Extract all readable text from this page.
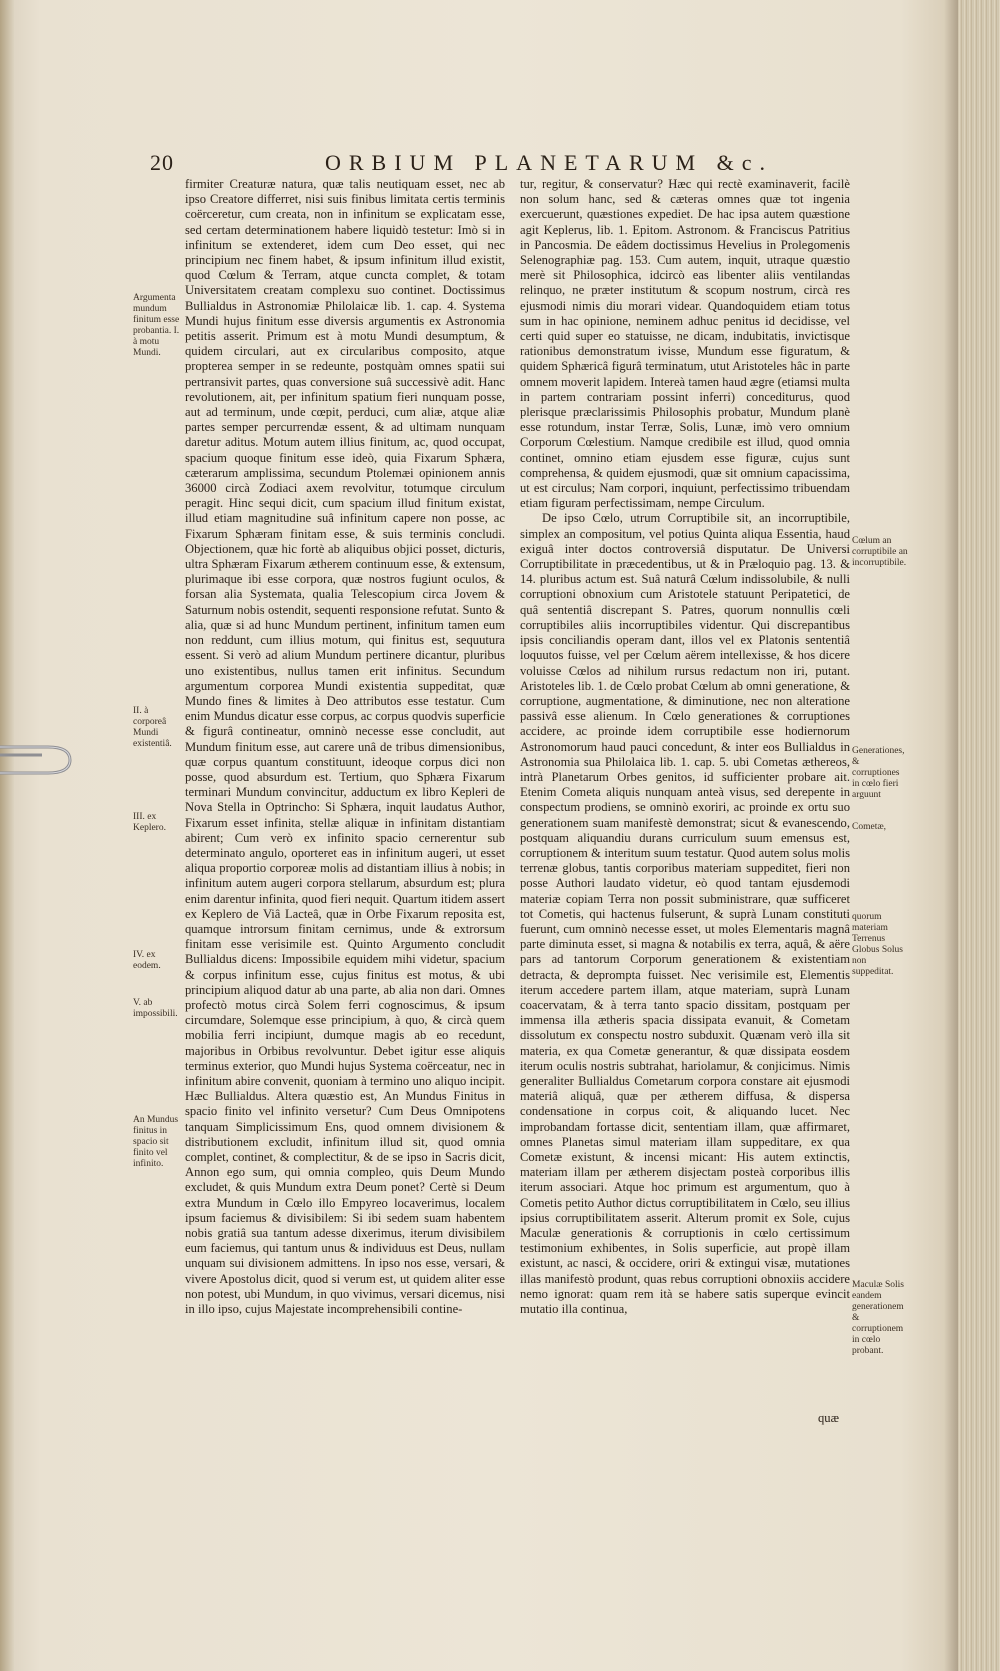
20	ORBIUM PLANETARUM &c.
Argumenta mundum finitum esse probantia. I. à motu Mundi.
II. à corporeâ Mundi existentiâ.
III. ex Keplero.
IV. ex eodem.
V. ab impossibili.
An Mundus finitus in spacio sit finito vel infinito.
Cœlum an corruptibile an incorruptibile.
Generationes, & corruptiones in cœlo fieri arguunt
Cometæ,
quorum materiam Terrenus Globus Solus non suppeditat.
Maculæ Solis eandem generationem & corruptionem in cœlo probant.

firmiter Creaturæ natura, quæ talis neutiquam esset, nec ab ipso Creatore differret, nisi suis finibus limitata certis terminis coërceretur, cum creata, non in infinitum se explicatam esse, sed certam determinationem habere liquidò testetur: Imò si in infinitum se extenderet, idem cum Deo esset, qui nec principium nec finem habet, & ipsum infinitum illud existit, quod Cœlum & Terram, atque cuncta complet, & totam Universitatem creatam complexu suo continet. Doctissimus Bullialdus in Astronomiæ Philolaicæ lib. 1. cap. 4. Systema Mundi hujus finitum esse diversis argumentis ex Astronomia petitis asserit. Primum est à motu Mundi desumptum, & quidem circulari, aut ex circularibus composito, atque propterea semper in se redeunte, postquàm omnes spatii sui pertransivit partes, quas conversione suâ successivè adit. Hanc revolutionem, ait, per infinitum spatium fieri nunquam posse, aut ad terminum, unde cœpit, perduci, cum aliæ, atque aliæ partes semper percurrendæ essent, & ad ultimam nunquam daretur aditus. Motum autem illius finitum, ac, quod occupat, spacium quoque finitum esse ideò, quia Fixarum Sphæra, cæterarum amplissima, secundum Ptolemæi opinionem annis 36000 circà Zodiaci axem revolvitur, totumque circulum peragit. Hinc sequi dicit, cum spacium illud finitum existat, illud etiam magnitudine suâ infinitum capere non posse, ac Fixarum Sphæram finitam esse, & suis terminis concludi. Objectionem, quæ hic fortè ab aliquibus objici posset, dicturis, ultra Sphæram Fixarum ætherem continuum esse, & extensum, plurimaque ibi esse corpora, quæ nostros fugiunt oculos, & forsan alia Systemata, qualia Telescopium circa Jovem & Saturnum nobis ostendit, sequenti responsione refutat. Sunto & alia, quæ si ad hunc Mundum pertinent, infinitum tamen eum non reddunt, cum illius motum, qui finitus est, sequutura essent. Si verò ad alium Mundum pertinere dicantur, pluribus uno existentibus, nullus tamen erit infinitus. Secundum argumentum corporea Mundi existentia suppeditat, quæ Mundo fines & limites à Deo attributos esse testatur. Cum enim Mundus dicatur esse corpus, ac corpus quodvis superficie & figurâ contineatur, omninò necesse esse concludit, aut Mundum finitum esse, aut carere unâ de tribus dimensionibus, quæ corpus quantum constituunt, ideoque corpus dici non posse, quod absurdum est. Tertium, quo Sphæra Fixarum terminari Mundum convincitur, adductum ex libro Kepleri de Nova Stella in Optrincho: Si Sphæra, inquit laudatus Author, Fixarum esset infinita, stellæ aliquæ in infinitam distantiam abirent; Cum verò ex infinito spacio cernerentur sub determinato angulo, oporteret eas in infinitum augeri, ut esset aliqua proportio corporeæ molis ad distantiam illius à nobis; in infinitum autem augeri corpora stellarum, absurdum est; plura enim darentur infinita, quod fieri nequit. Quartum itidem assert ex Keplero de Viâ Lacteâ, quæ in Orbe Fixarum reposita est, quamque introrsum finitam cernimus, unde & extrorsum finitam esse verisimile est. Quinto Argumento concludit Bullialdus dicens: Impossibile equidem mihi videtur, spacium & corpus infinitum esse, cujus finitus est motus, & ubi principium aliquod datur ab una parte, ab alia non dari. Omnes profectò motus circà Solem ferri cognoscimus, & ipsum circumdare, Solemque esse principium, à quo, & circà quem mobilia ferri incipiunt, dumque magis ab eo recedunt, majoribus in Orbibus revolvuntur. Debet igitur esse aliquis terminus exterior, quo Mundi hujus Systema coërceatur, nec in infinitum abire convenit, quoniam à termino uno aliquo incipit. Hæc Bullialdus. Altera quæstio est, An Mundus Finitus in spacio finito vel infinito versetur? Cum Deus Omnipotens tanquam Simplicissimum Ens, quod omnem divisionem & distributionem excludit, infinitum illud sit, quod omnia complet, continet, & complectitur, & de se ipso in Sacris dicit, Annon ego sum, qui omnia compleo, quis Deum Mundo excludet, & quis Mundum extra Deum ponet? Certè si Deum extra Mundum in Cœlo illo Empyreo locaverimus, localem ipsum faciemus & divisibilem: Si ibi sedem suam habentem nobis gratiâ sua tantum adesse dixerimus, iterum divisibilem eum faciemus, qui tantum unus & individuus est Deus, nullam unquam sui divisionem admittens. In ipso nos esse, versari, & vivere Apostolus dicit, quod si verum est, ut quidem aliter esse non potest, ubi Mundum, in quo vivimus, versari dicemus, nisi in illo ipso, cujus Majestate incomprehensibili contine-

tur, regitur, & conservatur? Hæc qui rectè examinaverit, facilè non solum hanc, sed & cæteras omnes quæ tot ingenia exercuerunt, quæstiones expediet. De hac ipsa autem quæstione agit Keplerus, lib. 1. Epitom. Astronom. & Franciscus Patritius in Pancosmia. De eâdem doctissimus Hevelius in Prolegomenis Selenographiæ pag. 153. Cum autem, inquit, utraque quæstio merè sit Philosophica, idcircò eas libenter aliis ventilandas relinquo, ne præter institutum & scopum nostrum, circà res ejusmodi nimis diu morari videar. Quandoquidem etiam totus sum in hac opinione, neminem adhuc penitus id decidisse, vel certi quid super eo statuisse, ne dicam, indubitatis, invictisque rationibus demonstratum ivisse, Mundum esse figuratum, & quidem Sphæricâ figurâ terminatum, utut Aristoteles hâc in parte omnem moverit lapidem. Intereà tamen haud ægre (etiamsi multa in partem contrariam possint inferri) concediturus, quod plerisque præclarissimis Philosophis probatur, Mundum planè esse rotundum, instar Terræ, Solis, Lunæ, imò vero omnium Corporum Cœlestium. Namque credibile est illud, quod omnia continet, omnino etiam ejusdem esse figuræ, cujus sunt comprehensa, & quidem ejusmodi, quæ sit omnium capacissima, ut est circulus; Nam corpori, inquiunt, perfectissimo tribuendam etiam figuram perfectissimam, nempe Circulum.

De ipso Cœlo, utrum Corruptibile sit, an incorruptibile, simplex an compositum, vel potius Quinta aliqua Essentia, haud exiguâ inter doctos controversiâ disputatur. De Universi Corruptibilitate in præcedentibus, ut & in Præloquio pag. 13. & 14. pluribus actum est. Suâ naturâ Cœlum indissolubile, & nulli corruptioni obnoxium cum Aristotele statuunt Peripatetici, de quâ sententiâ discrepant S. Patres, quorum nonnullis cœli corruptibiles aliis incorruptibiles videntur. Qui discrepantibus ipsis conciliandis operam dant, illos vel ex Platonis sententiâ loquutos fuisse, vel per Cœlum aërem intellexisse, & hos dicere voluisse Cœlos ad nihilum rursus redactum non iri, putant. Aristoteles lib. 1. de Cœlo probat Cœlum ab omni generatione, & corruptione, augmentatione, & diminutione, nec non alteratione passivâ esse alienum. In Cœlo generationes & corruptiones accidere, ac proinde idem corruptibile esse hodiernorum Astronomorum haud pauci concedunt, & inter eos Bullialdus in Astronomia sua Philolaica lib. 1. cap. 5. ubi Cometas æthereos, intrà Planetarum Orbes genitos, id sufficienter probare ait. Etenim Cometa aliquis nunquam anteà visus, sed derepente in conspectum prodiens, se omninò exoriri, ac proinde ex ortu suo generationem suam manifestè demonstrat; sicut & evanescendo, postquam aliquandiu durans curriculum suum emensus est, corruptionem & interitum suum testatur. Quod autem solus molis terrenæ globus, tantis corporibus materiam suppeditet, fieri non posse Authori laudato videtur, eò quod tantam ejusdemodi materiæ copiam Terra non possit subministrare, quæ sufficeret tot Cometis, qui hactenus fulserunt, & suprà Lunam constituti fuerunt, cum omninò necesse esset, ut moles Elementaris magnâ parte diminuta esset, si magna & notabilis ex terra, aquâ, & aëre pars ad tantorum Corporum generationem & existentiam detracta, & deprompta fuisset. Nec verisimile est, Elementis iterum accedere partem illam, atque materiam, suprà Lunam coacervatam, & à terra tanto spacio dissitam, postquam per immensa illa ætheris spacia dissipata evanuit, & Cometam dissolutum ex conspectu nostro subduxit. Quænam verò illa sit materia, ex qua Cometæ generantur, & quæ dissipata eosdem iterum oculis nostris subtrahat, hariolamur, & conjicimus. Nimis generaliter Bullialdus Cometarum corpora constare ait ejusmodi materiâ aliquâ, quæ per ætherem diffusa, & dispersa condensatione in corpus coit, & aliquando lucet. Nec improbandam fortasse dicit, sententiam illam, quæ affirmaret, omnes Planetas simul materiam illam suppeditare, ex qua Cometæ existunt, & incensi micant: His autem extinctis, materiam illam per ætherem disjectam posteà corporibus illis iterum associari. Atque hoc primum est argumentum, quo à Cometis petito Author dictus corruptibilitatem in Cœlo, seu illius ipsius corruptibilitatem asserit. Alterum promit ex Sole, cujus Maculæ generationis & corruptionis in cœlo certissimum testimonium exhibentes, in Solis superficie, aut propè illam existunt, ac nasci, & occidere, oriri & extingui visæ, mutationes illas manifestò produnt, quas rebus corruptioni obnoxiis accidere nemo ignorat: quam rem ità se habere satis superque evincit mutatio illa continua,

quæ
